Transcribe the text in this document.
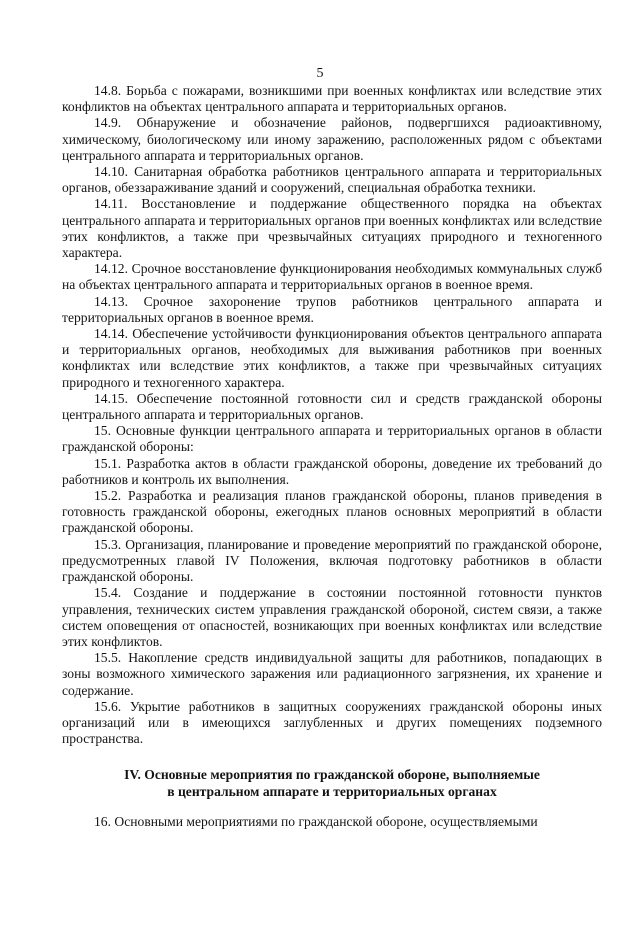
5

14.8. Борьба с пожарами, возникшими при военных конфликтах или вследствие этих конфликтов на объектах центрального аппарата и территориальных органов.

14.9. Обнаружение и обозначение районов, подвергшихся радиоактивному, химическому, биологическому или иному заражению, расположенных рядом с объектами центрального аппарата и территориальных органов.

14.10. Санитарная обработка работников центрального аппарата и территориальных органов, обеззараживание зданий и сооружений, специальная обработка техники.

14.11. Восстановление и поддержание общественного порядка на объектах центрального аппарата и территориальных органов при военных конфликтах или вследствие этих конфликтов, а также при чрезвычайных ситуациях природного и техногенного характера.

14.12. Срочное восстановление функционирования необходимых коммунальных служб на объектах центрального аппарата и территориальных органов в военное время.

14.13. Срочное захоронение трупов работников центрального аппарата и территориальных органов в военное время.

14.14. Обеспечение устойчивости функционирования объектов центрального аппарата и территориальных органов, необходимых для выживания работников при военных конфликтах или вследствие этих конфликтов, а также при чрезвычайных ситуациях природного и техногенного характера.

14.15. Обеспечение постоянной готовности сил и средств гражданской обороны центрального аппарата и территориальных органов.

15. Основные функции центрального аппарата и территориальных органов в области гражданской обороны:

15.1. Разработка актов в области гражданской обороны, доведение их требований до работников и контроль их выполнения.

15.2. Разработка и реализация планов гражданской обороны, планов приведения в готовность гражданской обороны, ежегодных планов основных мероприятий в области гражданской обороны.

15.3. Организация, планирование и проведение мероприятий по гражданской обороне, предусмотренных главой IV Положения, включая подготовку работников в области гражданской обороны.

15.4. Создание и поддержание в состоянии постоянной готовности пунктов управления, технических систем управления гражданской обороной, систем связи, а также систем оповещения от опасностей, возникающих при военных конфликтах или вследствие этих конфликтов.

15.5. Накопление средств индивидуальной защиты для работников, попадающих в зоны возможного химического заражения или радиационного загрязнения, их хранение и содержание.

15.6. Укрытие работников в защитных сооружениях гражданской обороны иных организаций или в имеющихся заглубленных и других помещениях подземного пространства.

IV. Основные мероприятия по гражданской обороне, выполняемые
в центральном аппарате и территориальных органах

16. Основными мероприятиями по гражданской обороне, осуществляемыми
